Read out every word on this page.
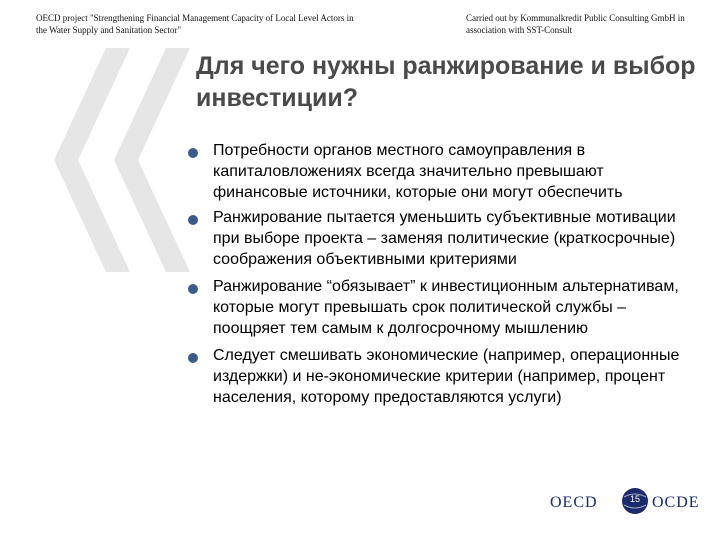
OECD project "Strengthening Financial Management Capacity of Local Level Actors in the Water Supply and Sanitation Sector"
Carried out by Kommunalkredit Public Consulting GmbH in association with SST-Consult
Для чего нужны ранжирование и выбор инвестиции?
Потребности органов местного самоуправления в капиталовложениях всегда значительно превышают финансовые источники, которые они могут обеспечить
Ранжирование пытается уменьшить субъективные мотивации при выборе проекта – заменяя политические (краткосрочные) соображения объективными критериями
Ранжирование “обязывает” к инвестиционным альтернативам, которые могут превышать срок политической службы – поощряет тем самым к долгосрочному мышлению
Следует смешивать экономические (например, операционные издержки) и не-экономические критерии (например, процент населения, которому предоставляются услуги)
OECD	15 OCDE
